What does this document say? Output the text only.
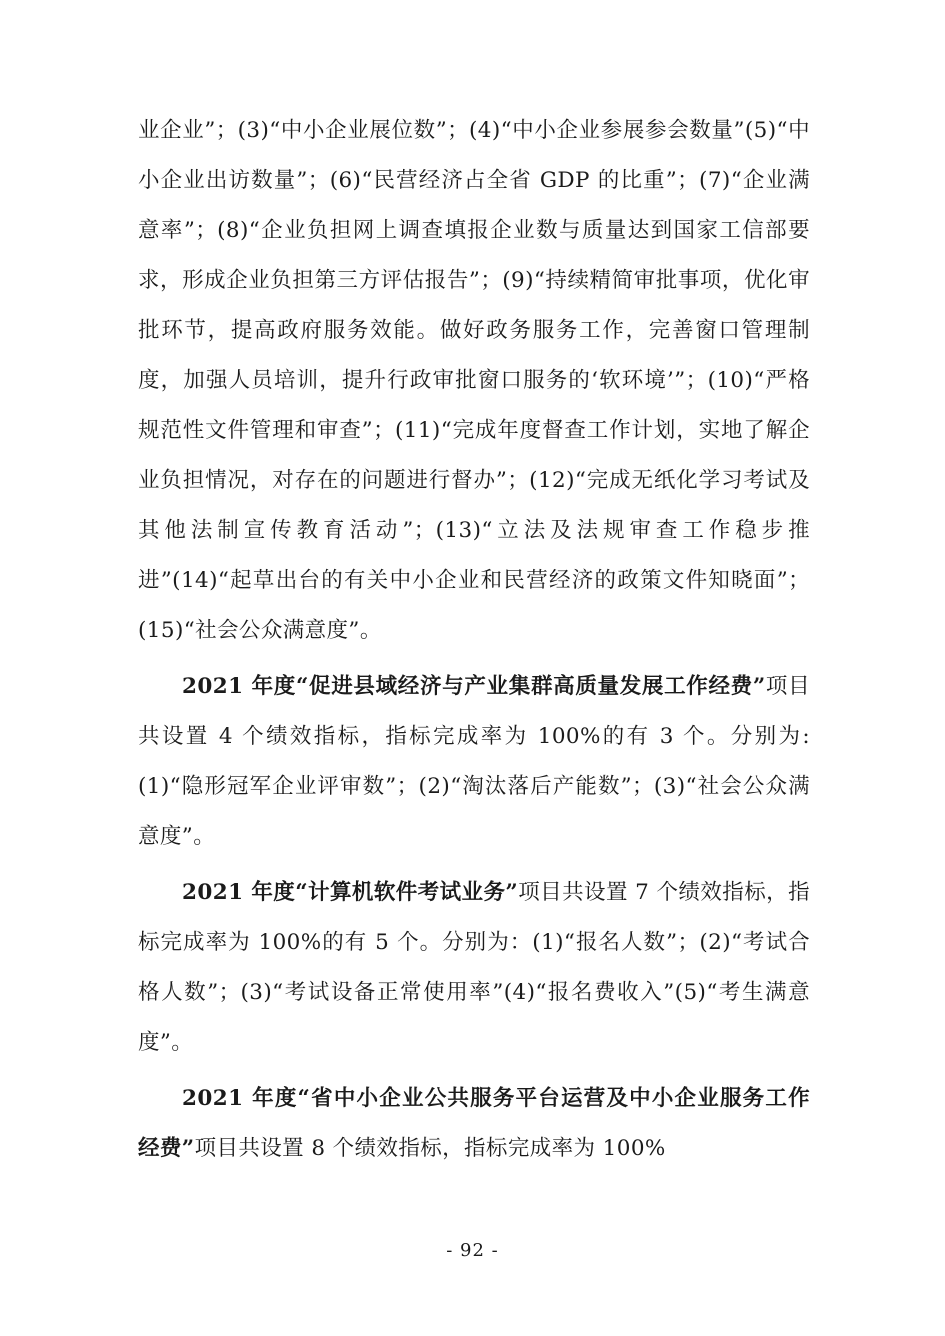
业企业”；(3)“中小企业展位数”；(4)“中小企业参展参会数量”(5)“中小企业出访数量”；(6)“民营经济占全省 GDP 的比重”；(7)“企业满意率”；(8)“企业负担网上调查填报企业数与质量达到国家工信部要求，形成企业负担第三方评估报告”；(9)“持续精简审批事项，优化审批环节，提高政府服务效能。做好政务服务工作，完善窗口管理制度，加强人员培训，提升行政审批窗口服务的‘软环境’”；(10)“严格规范性文件管理和审查”；(11)“完成年度督查工作计划，实地了解企业负担情况，对存在的问题进行督办”；(12)“完成无纸化学习考试及其他法制宣传教育活动”；(13)“立法及法规审查工作稳步推进”(14)“起草出台的有关中小企业和民营经济的政策文件知晓面”；(15)“社会公众满意度”。

2021 年度“促进县域经济与产业集群高质量发展工作经费”项目共设置 4 个绩效指标，指标完成率为 100%的有 3 个。分别为: (1)“隐形冠军企业评审数”；(2)“淘汰落后产能数”；(3)“社会公众满意度”。

2021 年度“计算机软件考试业务”项目共设置 7 个绩效指标，指标完成率为 100%的有 5 个。分别为：(1)“报名人数”；(2)“考试合格人数”；(3)“考试设备正常使用率”(4)“报名费收入”(5)“考生满意度”。

2021 年度“省中小企业公共服务平台运营及中小企业服务工作经费”项目共设置 8 个绩效指标，指标完成率为 100%

- 92 -
